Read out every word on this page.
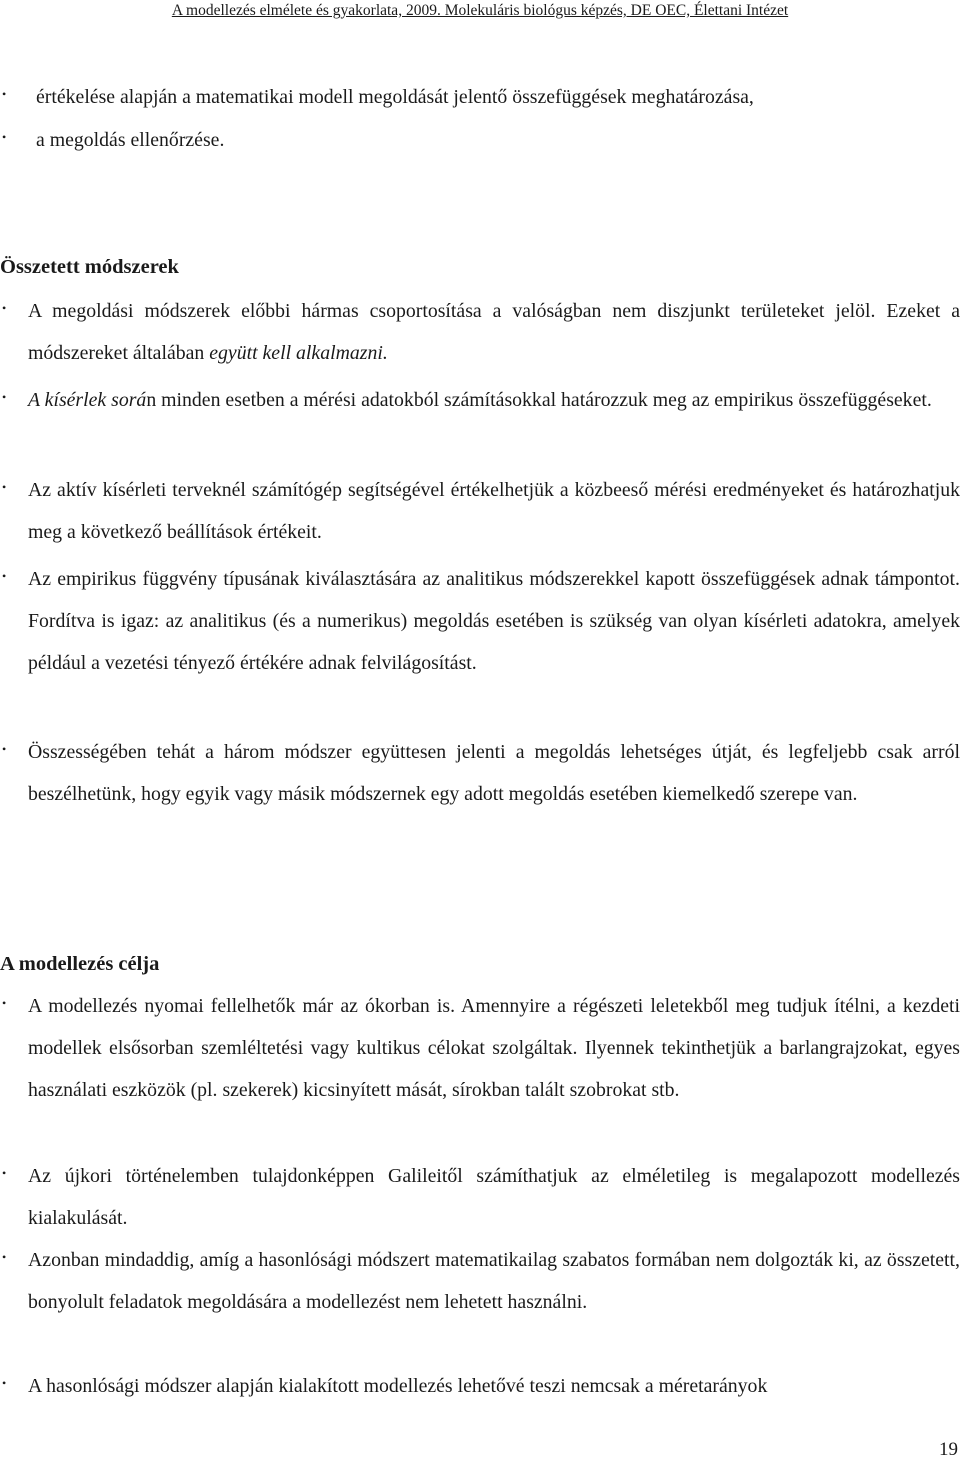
A modellezés elmélete és gyakorlata, 2009. Molekuláris biológus képzés, DE OEC, Élettani Intézet
• értékelése alapján a matematikai modell megoldását jelentő összefüggések meghatározása,
• a megoldás ellenőrzése.
Összetett módszerek
• A megoldási módszerek előbbi hármas csoportosítása a valóságban nem diszjunkt területeket jelöl. Ezeket a módszereket általában együtt kell alkalmazni.
• A kísérlek során minden esetben a mérési adatokból számításokkal határozzuk meg az empirikus összefüggéseket.
• Az aktív kísérleti terveknél számítógép segítségével értékelhetjük a közbeeső mérési eredményeket és határozhatjuk meg a következő beállítások értékeit.
• Az empirikus függvény típusának kiválasztására az analitikus módszerekkel kapott összefüggések adnak támpontot. Fordítva is igaz: az analitikus (és a numerikus) megoldás esetében is szükség van olyan kísérleti adatokra, amelyek például a vezetési tényező értékére adnak felvilágosítást.
• Összességében tehát a három módszer együttesen jelenti a megoldás lehetséges útját, és legfeljebb csak arról beszélhetünk, hogy egyik vagy másik módszernek egy adott megoldás esetében kiemelkedő szerepe van.
A modellezés célja
• A modellezés nyomai fellelhetők már az ókorban is. Amennyire a régészeti leletekből meg tudjuk ítélni, a kezdeti modellek elsősorban szemléltetési vagy kultikus célokat szolgáltak. Ilyennek tekinthetjük a barlangrajzokat, egyes használati eszközök (pl. szekerek) kicsinyített mását, sírokban talált szobrokat stb.
• Az újkori történelemben tulajdonképpen Galileitől számíthatjuk az elméletileg is megalapozott modellezés kialakulását.
• Azonban mindaddig, amíg a hasonlósági módszert matematikailag szabatos formában nem dolgozták ki, az összetett, bonyolult feladatok megoldására a modellezést nem lehetett használni.
• A hasonlósági módszer alapján kialakított modellezés lehetővé teszi nemcsak a méretarányok
19
